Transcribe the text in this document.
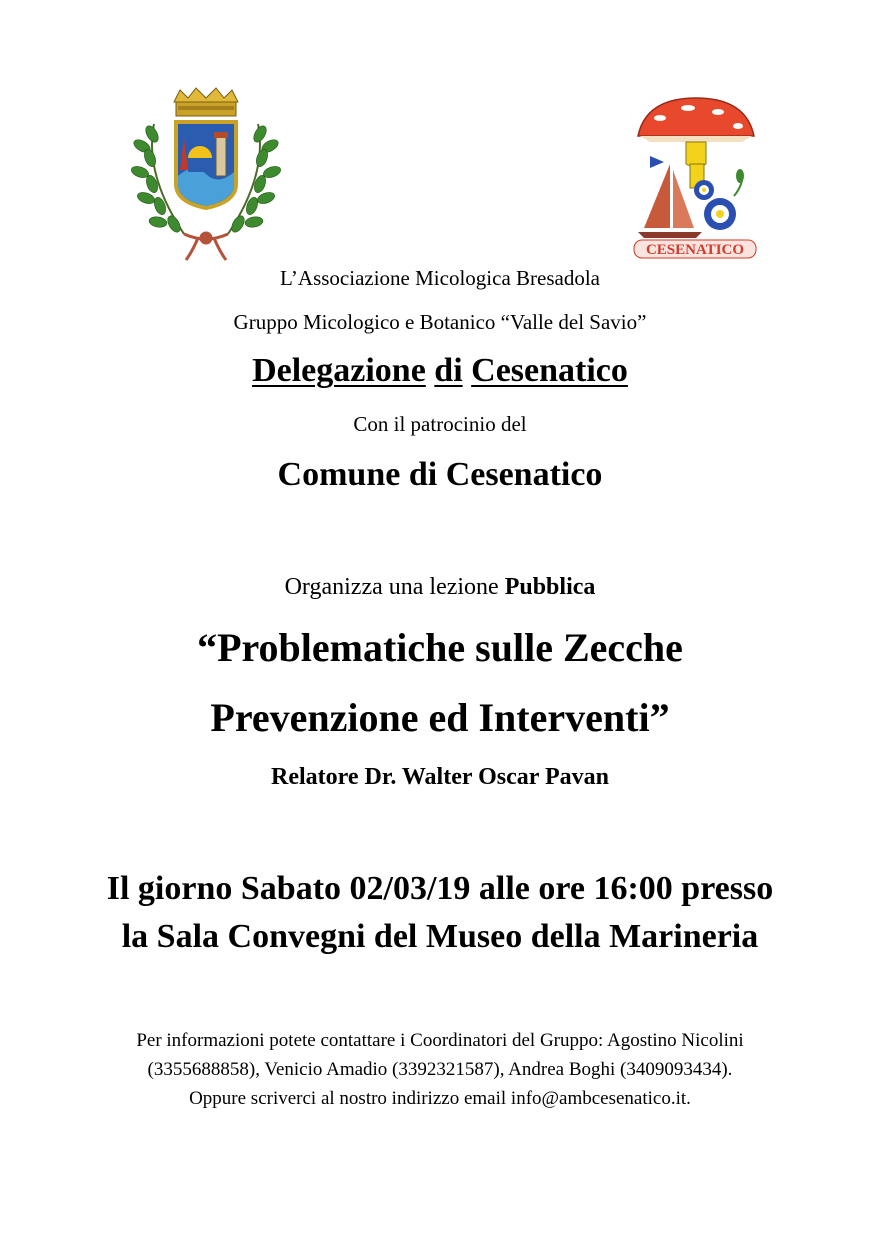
CESENATICO
L’Associazione Micologica Bresadola
Gruppo Micologico e Botanico “Valle del Savio”
Delegazione di Cesenatico
Con il patrocinio del
Comune di Cesenatico
Organizza una lezione Pubblica
“Problematiche sulle Zecche
Prevenzione ed Interventi”
Relatore Dr. Walter Oscar Pavan
Il giorno Sabato 02/03/19 alle ore 16:00 presso
la Sala Convegni del Museo della Marineria
Per informazioni potete contattare i Coordinatori del Gruppo: Agostino Nicolini
(3355688858), Venicio Amadio (3392321587), Andrea Boghi (3409093434).
Oppure scriverci al nostro indirizzo email info@ambcesenatico.it.
